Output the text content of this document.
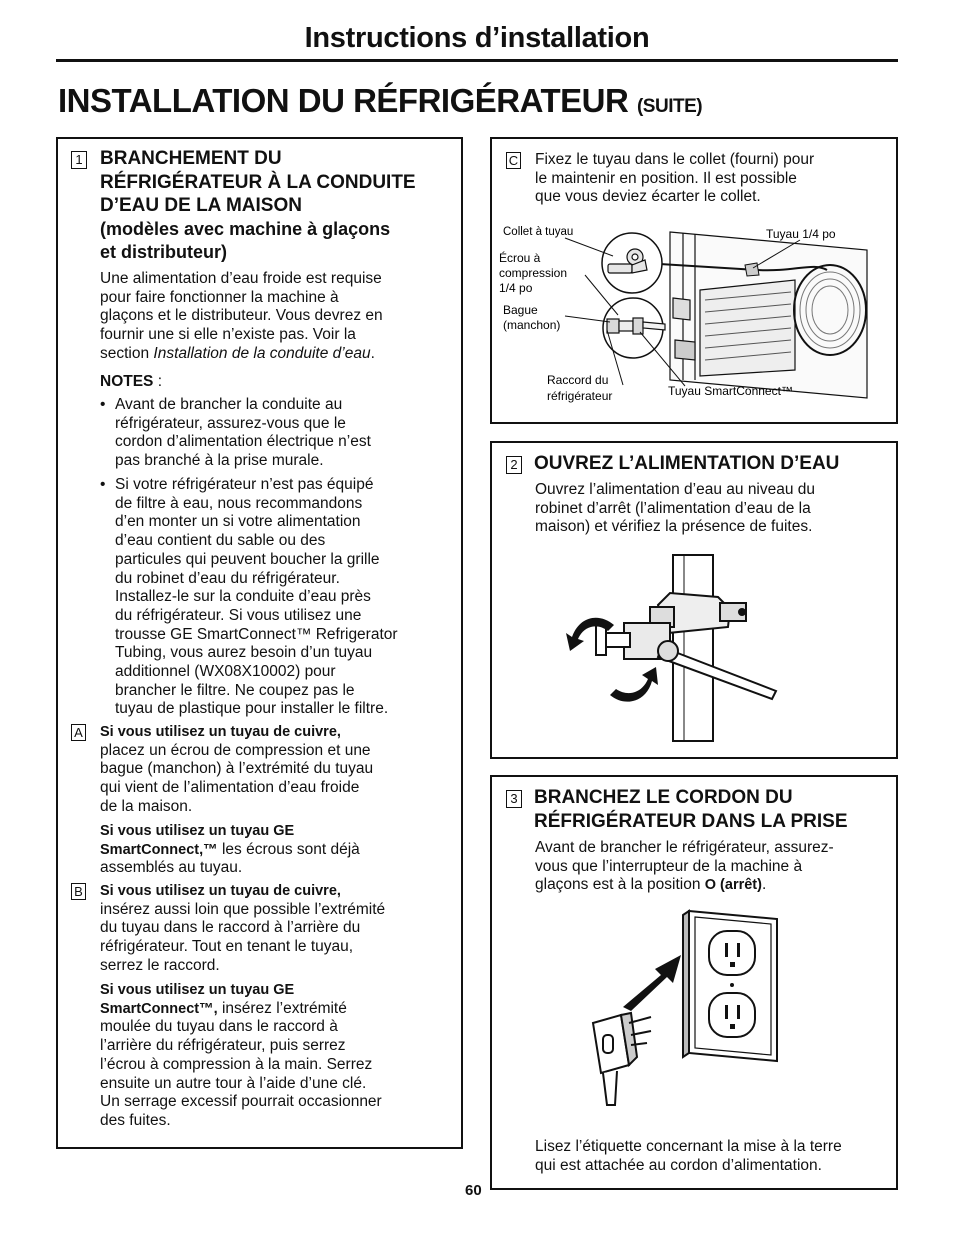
Instructions d’installation
INSTALLATION DU RÉFRIGÉRATEUR (SUITE)
1 BRANCHEMENT DU
RÉFRIGÉRATEUR À LA CONDUITE
D’EAU DE LA MAISON
(modèles avec machine à glaçons
et distributeur)
Une alimentation d’eau froide est requise
pour faire fonctionner la machine à
glaçons et le distributeur. Vous devrez en
fournir une si elle n’existe pas. Voir la
section Installation de la conduite d’eau.
NOTES :
• Avant de brancher la conduite au
réfrigérateur, assurez-vous que le
cordon d’alimentation électrique n’est
pas branché à la prise murale.
• Si votre réfrigérateur n’est pas équipé
de filtre à eau, nous recommandons
d’en monter un si votre alimentation
d’eau contient du sable ou des
particules qui peuvent boucher la grille
du robinet d’eau du réfrigérateur.
Installez-le sur la conduite d’eau près
du réfrigérateur. Si vous utilisez une
trousse GE SmartConnect™ Refrigerator
Tubing, vous aurez besoin d’un tuyau
additionnel (WX08X10002) pour
brancher le filtre. Ne coupez pas le
tuyau de plastique pour installer le filtre.
A Si vous utilisez un tuyau de cuivre,
placez un écrou de compression et une
bague (manchon) à l’extrémité du tuyau
qui vient de l’alimentation d’eau froide
de la maison.
Si vous utilisez un tuyau GE
SmartConnect,™ les écrous sont déjà
assemblés au tuyau.
B Si vous utilisez un tuyau de cuivre,
insérez aussi loin que possible l’extrémité
du tuyau dans le raccord à l’arrière du
réfrigérateur. Tout en tenant le tuyau,
serrez le raccord.
Si vous utilisez un tuyau GE
SmartConnect™, insérez l’extrémité
moulée du tuyau dans le raccord à
l’arrière du réfrigérateur, puis serrez
l’écrou à compression à la main. Serrez
ensuite un autre tour à l’aide d’une clé.
Un serrage excessif pourrait occasionner
des fuites.
C Fixez le tuyau dans le collet (fourni) pour
le maintenir en position. Il est possible
que vous deviez écarter le collet.
Collet à tuyau	Tuyau 1/4 po
Écrou à
compression
1/4 po
Bague
(manchon)
Raccord du
réfrigérateur	Tuyau SmartConnect™
2 OUVREZ L’ALIMENTATION D’EAU
Ouvrez l’alimentation d’eau au niveau du
robinet d’arrêt (l’alimentation d’eau de la
maison) et vérifiez la présence de fuites.
3 BRANCHEZ LE CORDON DU
RÉFRIGÉRATEUR DANS LA PRISE
Avant de brancher le réfrigérateur, assurez-
vous que l’interrupteur de la machine à
glaçons est à la position O (arrêt).
Lisez l’étiquette concernant la mise à la terre
qui est attachée au cordon d’alimentation.
60
